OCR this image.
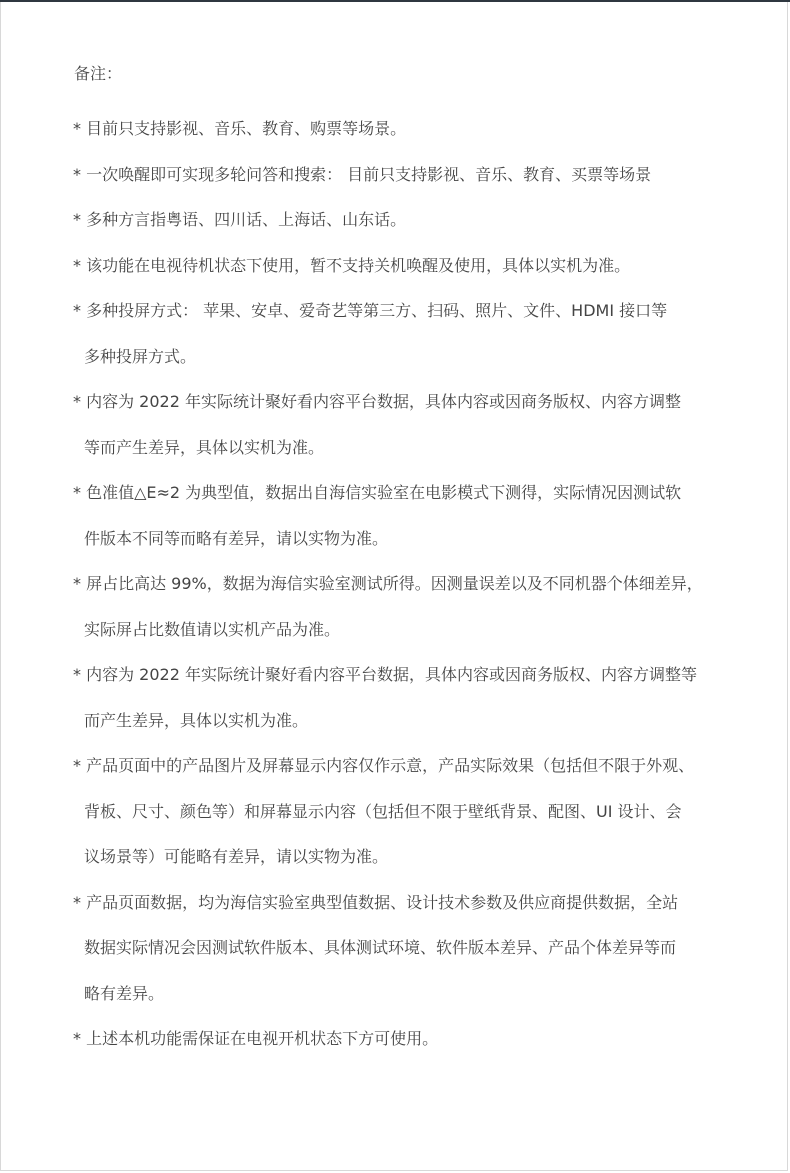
备注：
* 目前只支持影视、音乐、教育、购票等场景。
* 一次唤醒即可实现多轮问答和搜索： 目前只支持影视、音乐、教育、买票等场景
* 多种方言指粤语、四川话、上海话、山东话。
* 该功能在电视待机状态下使用，暂不支持关机唤醒及使用，具体以实机为准。
* 多种投屏方式： 苹果、安卓、爱奇艺等第三方、扫码、照片、文件、HDMI 接口等
多种投屏方式。
* 内容为 2022 年实际统计聚好看内容平台数据，具体内容或因商务版权、内容方调整
等而产生差异，具体以实机为准。
* 色准值△E≈2 为典型值，数据出自海信实验室在电影模式下测得，实际情况因测试软
件版本不同等而略有差异，请以实物为准。
* 屏占比高达 99%，数据为海信实验室测试所得。因测量误差以及不同机器个体细差异，
实际屏占比数值请以实机产品为准。
* 内容为 2022 年实际统计聚好看内容平台数据，具体内容或因商务版权、内容方调整等
而产生差异，具体以实机为准。
* 产品页面中的产品图片及屏幕显示内容仅作示意，产品实际效果（包括但不限于外观、
背板、尺寸、颜色等）和屏幕显示内容（包括但不限于壁纸背景、配图、UI 设计、会
议场景等）可能略有差异，请以实物为准。
* 产品页面数据，均为海信实验室典型值数据、设计技术参数及供应商提供数据，全站
数据实际情况会因测试软件版本、具体测试环境、软件版本差异、产品个体差异等而
略有差异。
* 上述本机功能需保证在电视开机状态下方可使用。
